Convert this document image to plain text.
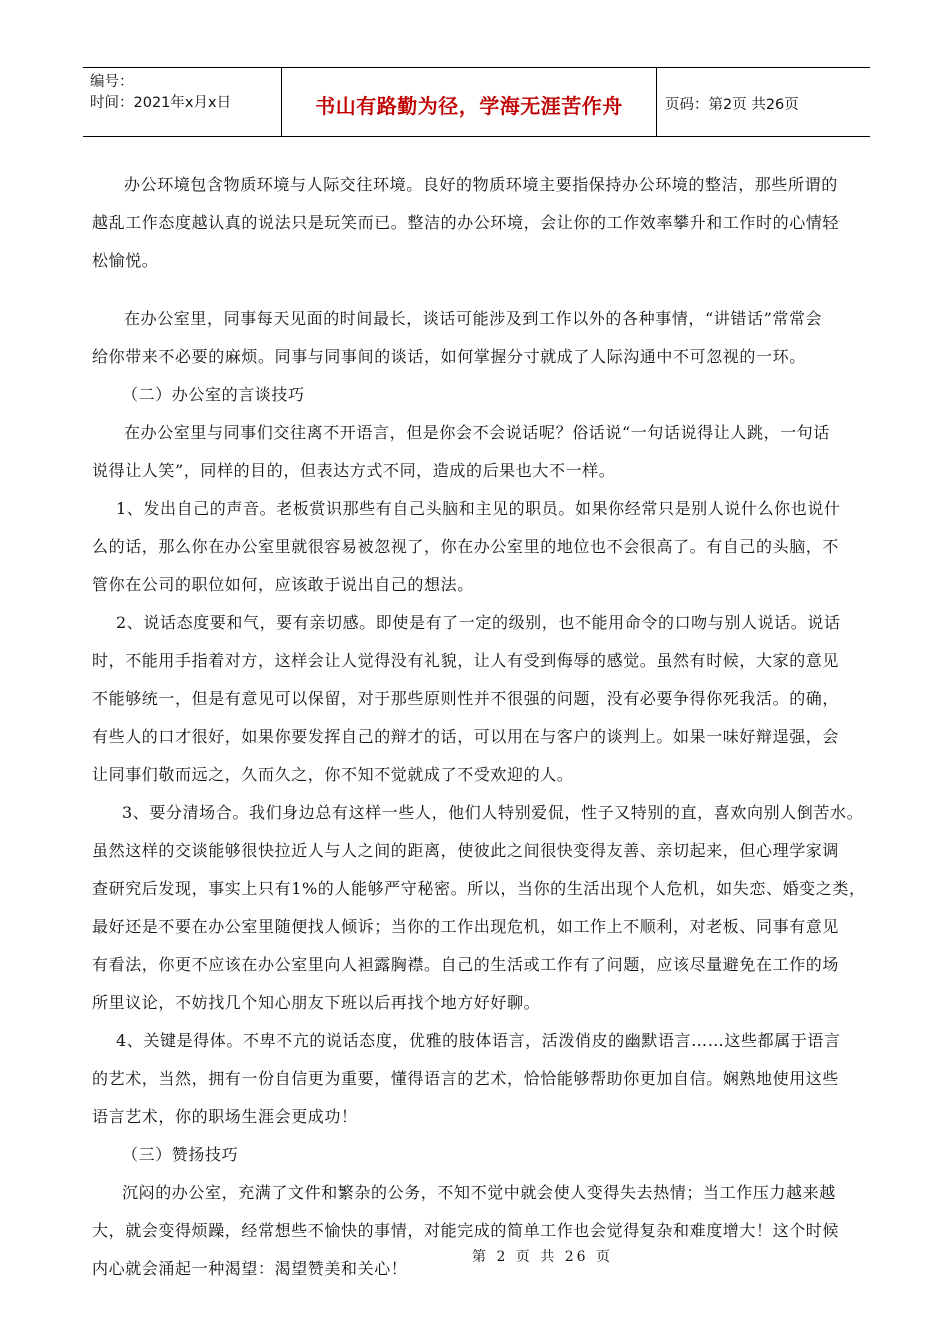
编号：
时间：2021年x月x日	书山有路勤为径，学海无涯苦作舟	页码：第2页 共26页

办公环境包含物质环境与人际交往环境。良好的物质环境主要指保持办公环境的整洁，那些所谓的

越乱工作态度越认真的说法只是玩笑而已。整洁的办公环境，会让你的工作效率攀升和工作时的心情轻

松愉悦。

在办公室里，同事每天见面的时间最长，谈话可能涉及到工作以外的各种事情，“讲错话”常常会

给你带来不必要的麻烦。同事与同事间的谈话，如何掌握分寸就成了人际沟通中不可忽视的一环。

（二）办公室的言谈技巧

在办公室里与同事们交往离不开语言，但是你会不会说话呢？俗话说“一句话说得让人跳，一句话

说得让人笑”，同样的目的，但表达方式不同，造成的后果也大不一样。

1、发出自己的声音。老板赏识那些有自己头脑和主见的职员。如果你经常只是别人说什么你也说什

么的话，那么你在办公室里就很容易被忽视了，你在办公室里的地位也不会很高了。有自己的头脑，不

管你在公司的职位如何，应该敢于说出自己的想法。

2、说话态度要和气，要有亲切感。即使是有了一定的级别，也不能用命令的口吻与别人说话。说话

时，不能用手指着对方，这样会让人觉得没有礼貌，让人有受到侮辱的感觉。虽然有时候，大家的意见

不能够统一，但是有意见可以保留，对于那些原则性并不很强的问题，没有必要争得你死我活。的确，

有些人的口才很好，如果你要发挥自己的辩才的话，可以用在与客户的谈判上。如果一味好辩逞强，会

让同事们敬而远之，久而久之，你不知不觉就成了不受欢迎的人。

3、要分清场合。我们身边总有这样一些人，他们人特别爱侃，性子又特别的直，喜欢向别人倒苦水。

虽然这样的交谈能够很快拉近人与人之间的距离，使彼此之间很快变得友善、亲切起来，但心理学家调

查研究后发现，事实上只有1%的人能够严守秘密。所以，当你的生活出现个人危机，如失恋、婚变之类，

最好还是不要在办公室里随便找人倾诉；当你的工作出现危机，如工作上不顺利，对老板、同事有意见

有看法，你更不应该在办公室里向人袒露胸襟。自己的生活或工作有了问题，应该尽量避免在工作的场

所里议论，不妨找几个知心朋友下班以后再找个地方好好聊。

4、关键是得体。不卑不亢的说话态度，优雅的肢体语言，活泼俏皮的幽默语言……这些都属于语言

的艺术，当然，拥有一份自信更为重要，懂得语言的艺术，恰恰能够帮助你更加自信。娴熟地使用这些

语言艺术，你的职场生涯会更成功！

（三）赞扬技巧

沉闷的办公室，充满了文件和繁杂的公务，不知不觉中就会使人变得失去热情；当工作压力越来越

大，就会变得烦躁，经常想些不愉快的事情，对能完成的简单工作也会觉得复杂和难度增大！这个时候

内心就会涌起一种渴望：渴望赞美和关心！

第 2 页 共 26 页
